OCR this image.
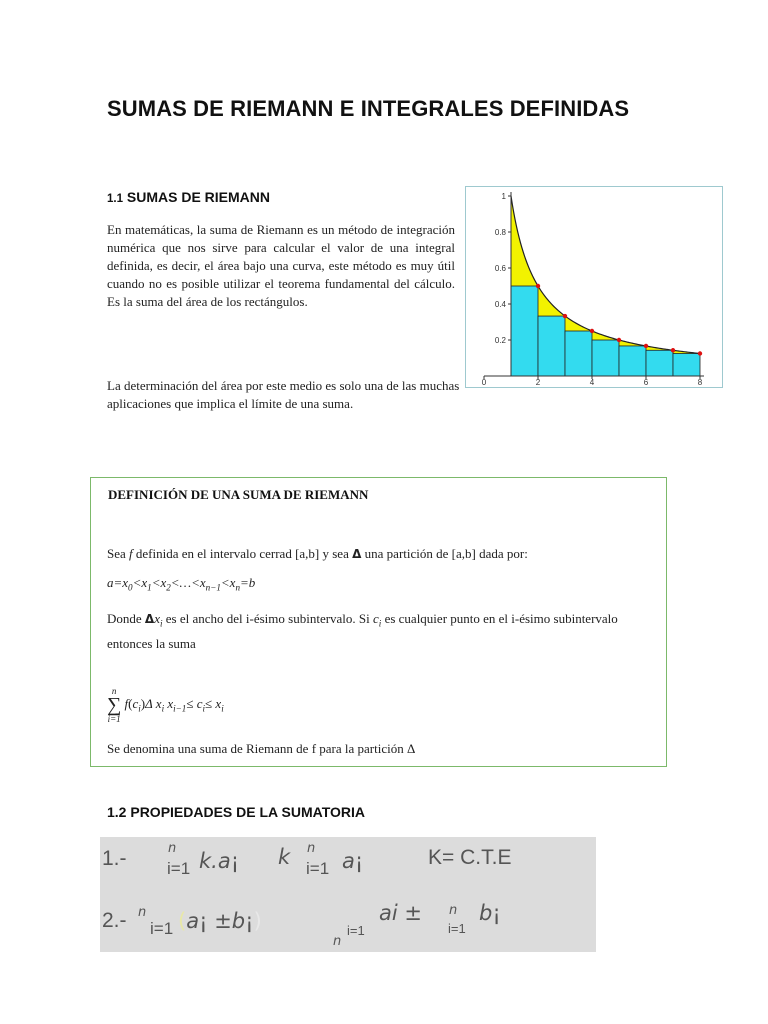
SUMAS DE RIEMANN E INTEGRALES DEFINIDAS
1.1 SUMAS DE RIEMANN
En matemáticas, la suma de Riemann es un método de integración numérica que nos sirve para calcular el valor de una integral definida, es decir, el área bajo una curva, este método es muy útil cuando no es posible utilizar el teorema fundamental del cálculo. Es la suma del área de los rectángulos.
La determinación del área por este medio es solo una de las muchas aplicaciones que implica el límite de una suma.
0	2	4	6	8
0.2
0.4
0.6
0.8
1
DEFINICIÓN DE UNA SUMA DE RIEMANN
Sea f definida en el intervalo cerrad [a,b] y sea Δ una partición de [a,b] dada por:
$a=x_0<x_1<x_2<\dots<x_{n-1}<x_n=b$
Donde $\Delta x_i$ es el ancho del i-ésimo subintervalo. Si $c_i$ es cualquier punto en el i-ésimo subintervalo entonces la suma
n
∑
i=1
$f(c_i)\Delta$ $x_i$ $x_{i-1}\le c_i\le x_i$
Se denomina una suma de Riemann de f para la partición Δ
1.2 PROPIEDADES DE LA SUMATORIA
1.-	n
i=1 k.a¡ k n
i=1 a¡	K= C.T.E
2.- n
i=1 (a¡ ±b¡)
n
i=1
ai ± n
i=1
b¡
